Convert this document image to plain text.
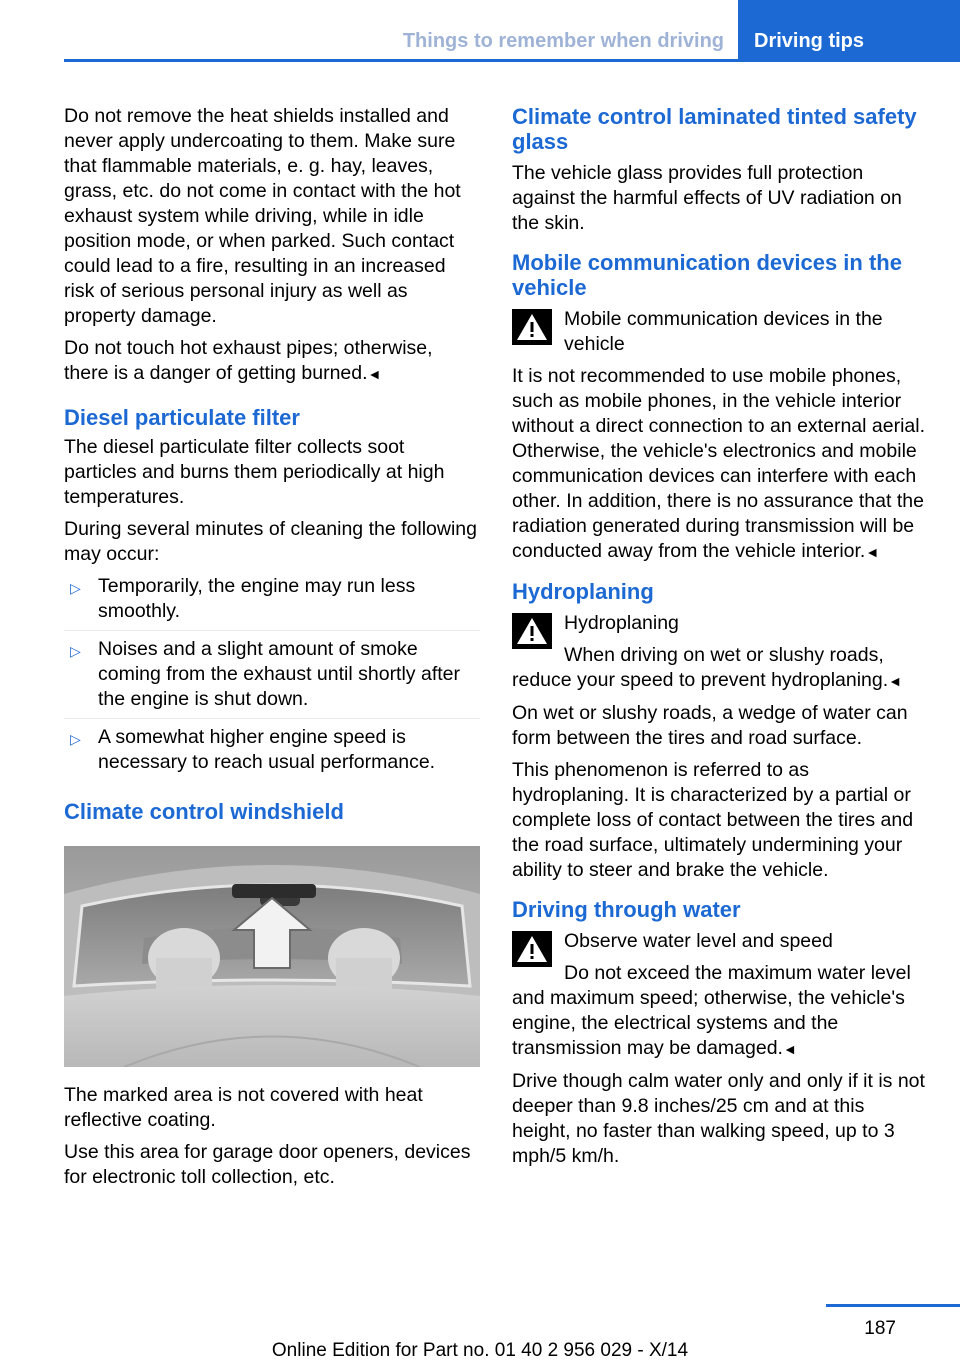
Things to remember when driving	Driving tips

Do not remove the heat shields installed and never apply undercoating to them. Make sure that flammable materials, e. g. hay, leaves, grass, etc. do not come in contact with the hot exhaust system while driving, while in idle position mode, or when parked. Such contact could lead to a fire, resulting in an increased risk of serious personal injury as well as property damage.

Do not touch hot exhaust pipes; otherwise, there is a danger of getting burned.◄

Diesel particulate filter

The diesel particulate filter collects soot particles and burns them periodically at high temperatures.

During several minutes of cleaning the following may occur:

▷ Temporarily, the engine may run less smoothly.
▷ Noises and a slight amount of smoke coming from the exhaust until shortly after the engine is shut down.
▷ A somewhat higher engine speed is necessary to reach usual performance.
Climate control windshield

The marked area is not covered with heat reflective coating.

Use this area for garage door openers, devices for electronic toll collection, etc.

Climate control laminated tinted safety glass

The vehicle glass provides full protection against the harmful effects of UV radiation on the skin.

Mobile communication devices in the vehicle
Mobile communication devices in the vehicle

It is not recommended to use mobile phones, such as mobile phones, in the vehicle interior without a direct connection to an external aerial. Otherwise, the vehicle's electronics and mobile communication devices can interfere with each other. In addition, there is no assurance that the radiation generated during transmission will be conducted away from the vehicle interior.◄

Hydroplaning
Hydroplaning
When driving on wet or slushy roads, reduce your speed to prevent hydroplaning.◄

On wet or slushy roads, a wedge of water can form between the tires and road surface.

This phenomenon is referred to as hydroplaning. It is characterized by a partial or complete loss of contact between the tires and the road surface, ultimately undermining your ability to steer and brake the vehicle.

Driving through water
Observe water level and speed
Do not exceed the maximum water level and maximum speed; otherwise, the vehicle's engine, the electrical systems and the transmission may be damaged.◄

Drive though calm water only and only if it is not deeper than 9.8 inches/25 cm and at this height, no faster than walking speed, up to 3 mph/5 km/h.

187
Online Edition for Part no. 01 40 2 956 029 - X/14
